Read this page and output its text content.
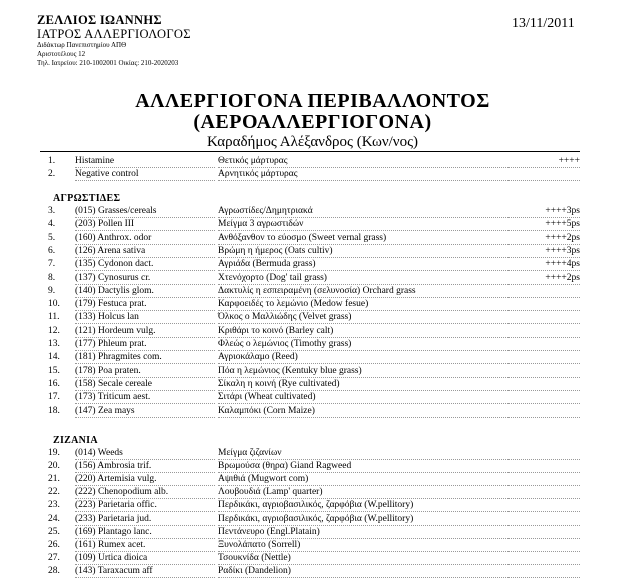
ΖΕΛΛΙΟΣ ΙΩΑΝΝΗΣ
ΙΑΤΡΟΣ ΑΛΛΕΡΓΙΟΛΟΓΟΣ
Διδάκτωρ Πανεπιστημίου ΑΠΘ
Αριστοτέλους 12
Τηλ. Ιατρείου: 210-1002001 Οικίας: 210-2020203
13/11/2011
ΑΛΛΕΡΓΙΟΓΟΝΑ ΠΕΡΙΒΑΛΛΟΝΤΟΣ
(ΑΕΡΟΑΛΛΕΡΓΙΟΓΟΝΑ)
Καραδήμος Αλέξανδρος (Κων/νος)
1.	Histamine	Θετικός μάρτυρας	++++
2.	Negative control	Αρνητικός μάρτυρας
ΑΓΡΩΣΤΙΔΕΣ
3.	(015) Grasses/cereals	Αγρωστίδες/Δημητριακά	++++3ps
4.	(203) Pollen III	Μείγμα 3 αγρωστιδών	++++5ps
5.	(160) Anthrox. odor	Ανθόξανθον το εύοσμο (Sweet vernal grass)	++++2ps
6.	(126) Arena sativa	Βρώμη η ήμερος (Oats cultiv)	++++3ps
7.	(135) Cydonon dact.	Αγριάδα (Bermuda grass)	++++4ps
8.	(137) Cynosurus cr.	Χτενόχορτο (Dog' tail grass)	++++2ps
9.	(140) Dactylis glom.	Δακτυλίς η εσπειραμένη (σελυνοσία) Orchard grass
10.	(179) Festuca prat.	Καρφοειδές το λεμώνιο (Medow fesue)
11.	(133) Holcus lan	Όλκος ο Μαλλιώδης (Velvet grass)
12.	(121) Hordeum vulg.	Κριθάρι το κοινό (Barley calt)
13.	(177) Phleum prat.	Φλεώς ο λεμώνιος (Timothy grass)
14.	(181) Phragmites com.	Αγριοκάλαμο (Reed)
15.	(178) Poa praten.	Πόα η λεμώνιος (Kentuky blue grass)
16.	(158) Secale cereale	Σίκαλη η κοινή (Rye cultivated)
17.	(173) Triticum aest.	Σιτάρι (Wheat cultivated)
18.	(147) Zea mays	Καλαμπόκι (Corn Maize)
ΖΙΖΑΝΙΑ
19.	(014) Weeds	Μείγμα ζιζανίων
20.	(156) Ambrosia trif.	Βρωμούσα (θηρα) Giand Ragweed
21.	(220) Artemisia vulg.	Αψιθιά (Mugwort com)
22.	(222) Chenopodium alb.	Λουβουδιά (Lamp' quarter)
23.	(223) Parietaria offic.	Περδικάκι, αγριοβασιλικός, ζαρφόβια (W.pellitory)
24.	(233) Parietaria jud.	Περδικάκι, αγριοβασιλικός, ζαρφόβια (W.pellitory)
25.	(169) Plantago lanc.	Πεντάνευρο (Engl.Platain)
26.	(161) Rumex acet.	Ξυνολάπατο (Sorrell)
27.	(109) Urtica dioica	Τσουκνίδα (Nettle)
28.	(143) Taraxacum aff	Ραδίκι (Dandelion)
